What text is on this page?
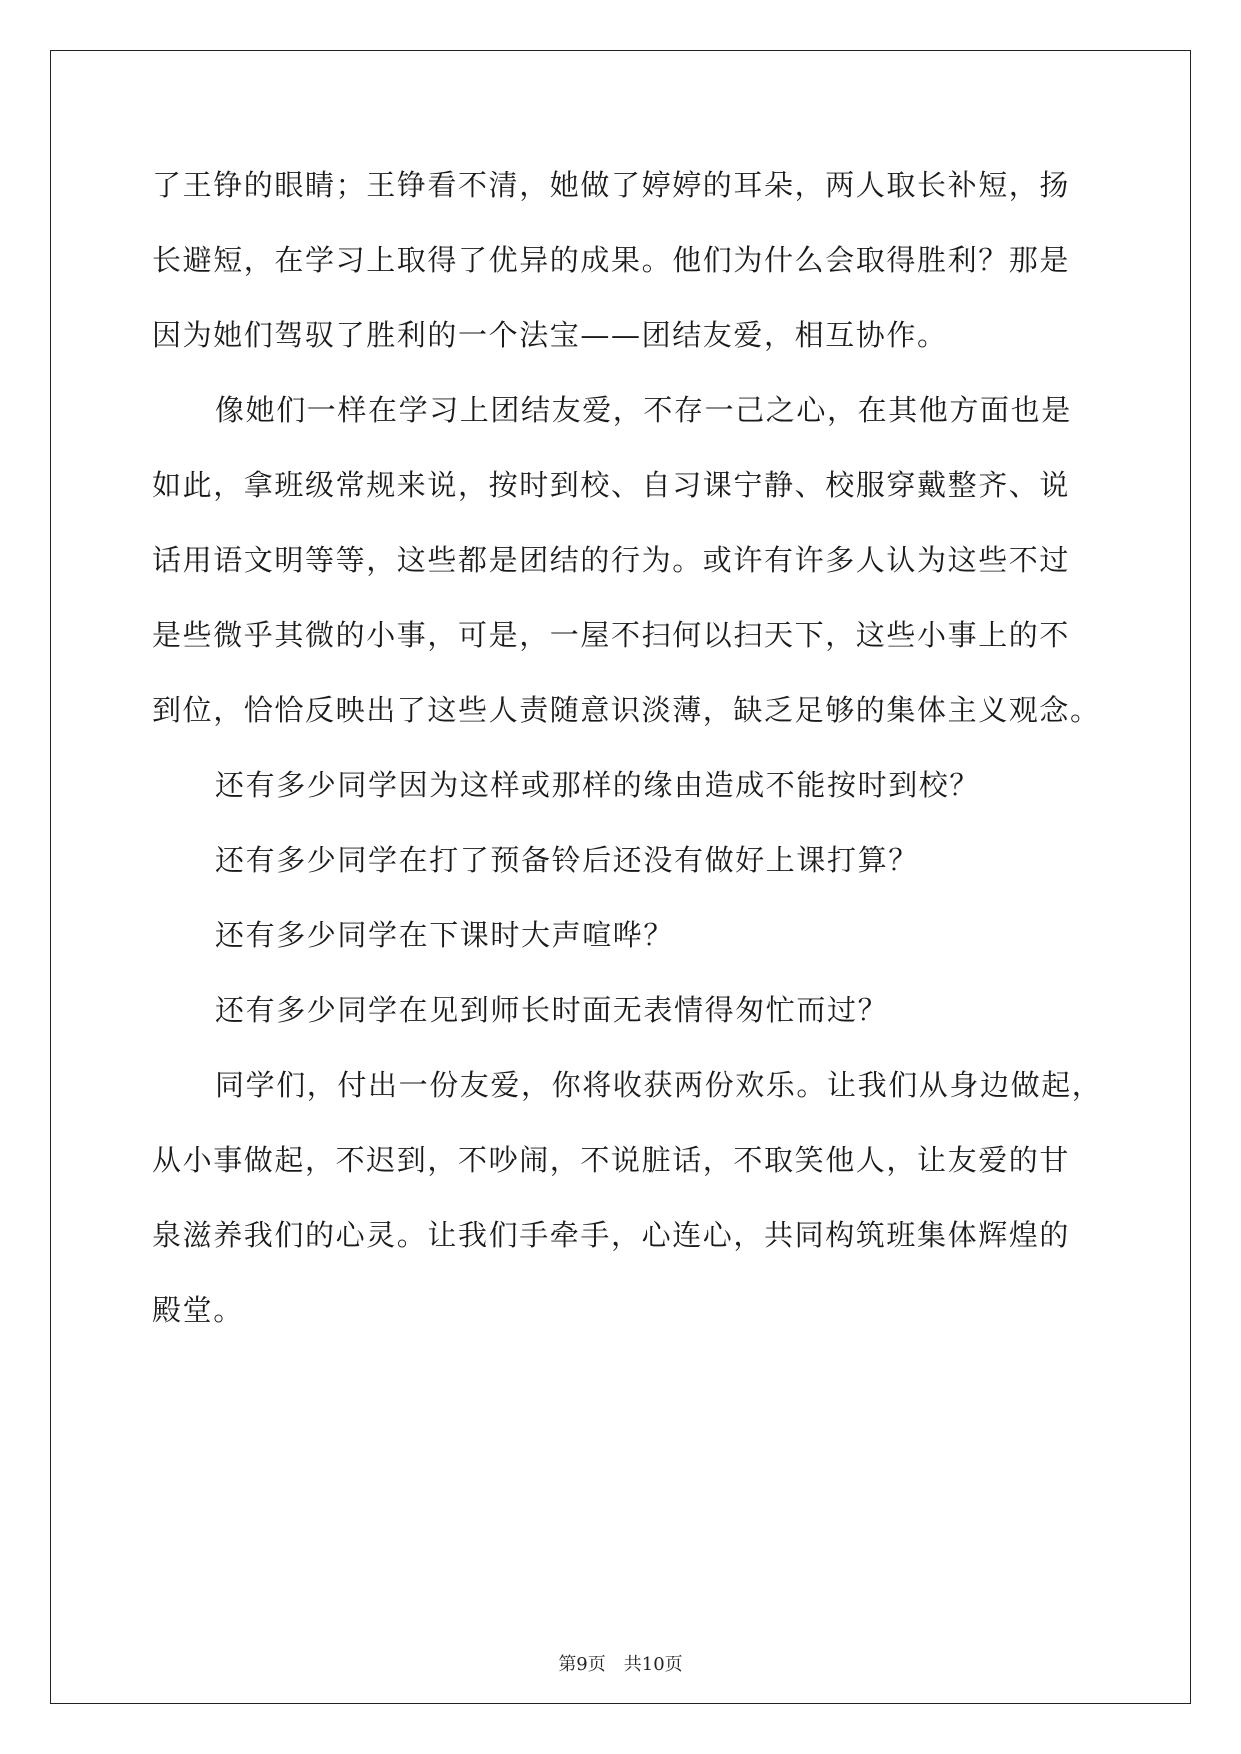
了王铮的眼睛；王铮看不清，她做了婷婷的耳朵，两人取长补短，扬
长避短，在学习上取得了优异的成果。他们为什么会取得胜利？那是
因为她们驾驭了胜利的一个法宝——团结友爱，相互协作。
像她们一样在学习上团结友爱，不存一己之心，在其他方面也是
如此，拿班级常规来说，按时到校、自习课宁静、校服穿戴整齐、说
话用语文明等等，这些都是团结的行为。或许有许多人认为这些不过
是些微乎其微的小事，可是，一屋不扫何以扫天下，这些小事上的不
到位，恰恰反映出了这些人责随意识淡薄，缺乏足够的集体主义观念。
还有多少同学因为这样或那样的缘由造成不能按时到校？
还有多少同学在打了预备铃后还没有做好上课打算？
还有多少同学在下课时大声喧哗？
还有多少同学在见到师长时面无表情得匆忙而过？
同学们，付出一份友爱，你将收获两份欢乐。让我们从身边做起，
从小事做起，不迟到，不吵闹，不说脏话，不取笑他人，让友爱的甘
泉滋养我们的心灵。让我们手牵手，心连心，共同构筑班集体辉煌的
殿堂。
第9页 共10页
